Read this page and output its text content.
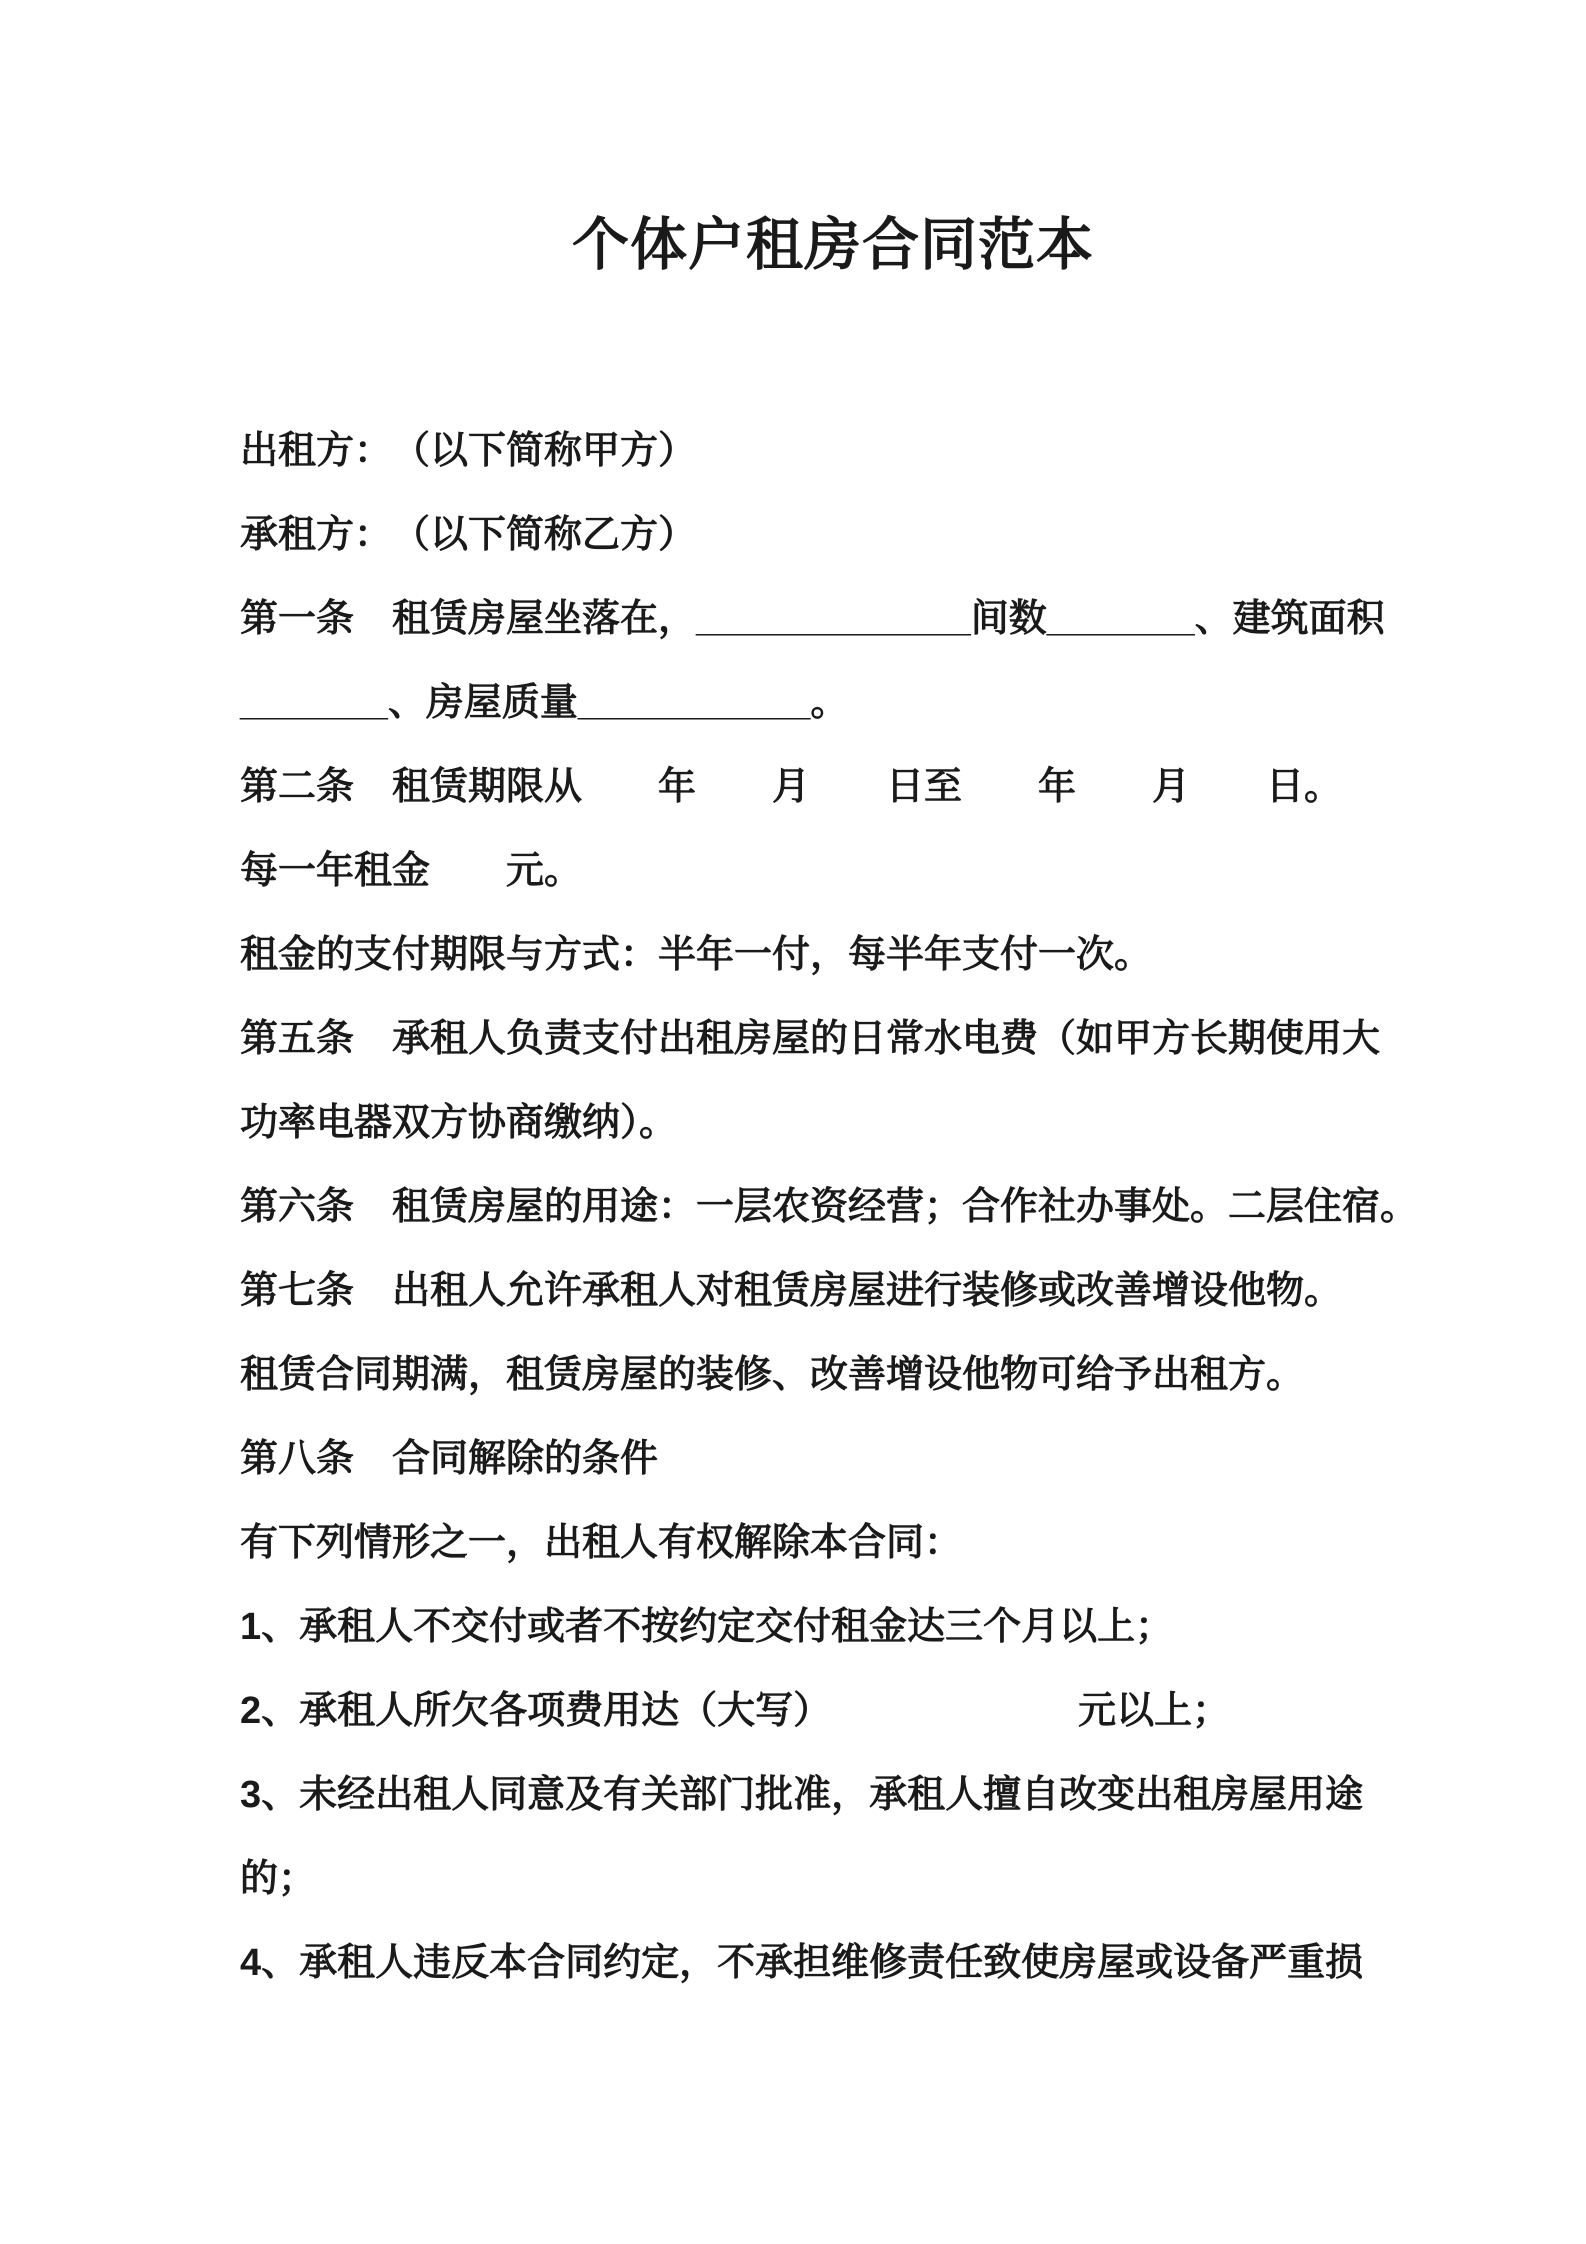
个体户租房合同范本
出租方：　（以下简称甲方）
承租方：　（以下简称乙方）
第一条　租赁房屋坐落在，_____________间数_______、建筑面积
_______、房屋质量___________。
第二条　租赁期限从　　年　　月　　日至　　年　　月　　日。
每一年租金　　元。
租金的支付期限与方式：半年一付，每半年支付一次。
第五条　承租人负责支付出租房屋的日常水电费（如甲方长期使用大
功率电器双方协商缴纳）。
第六条　租赁房屋的用途：一层农资经营；合作社办事处。二层住宿。
第七条　出租人允许承租人对租赁房屋进行装修或改善增设他物。
租赁合同期满，租赁房屋的装修、改善增设他物可给予出租方。
第八条　合同解除的条件
有下列情形之一，出租人有权解除本合同：
1、承租人不交付或者不按约定交付租金达三个月以上；
2、承租人所欠各项费用达（大写）　　　　　　　元以上；
3、未经出租人同意及有关部门批准，承租人擅自改变出租房屋用途
的；
4、承租人违反本合同约定，不承担维修责任致使房屋或设备严重损
